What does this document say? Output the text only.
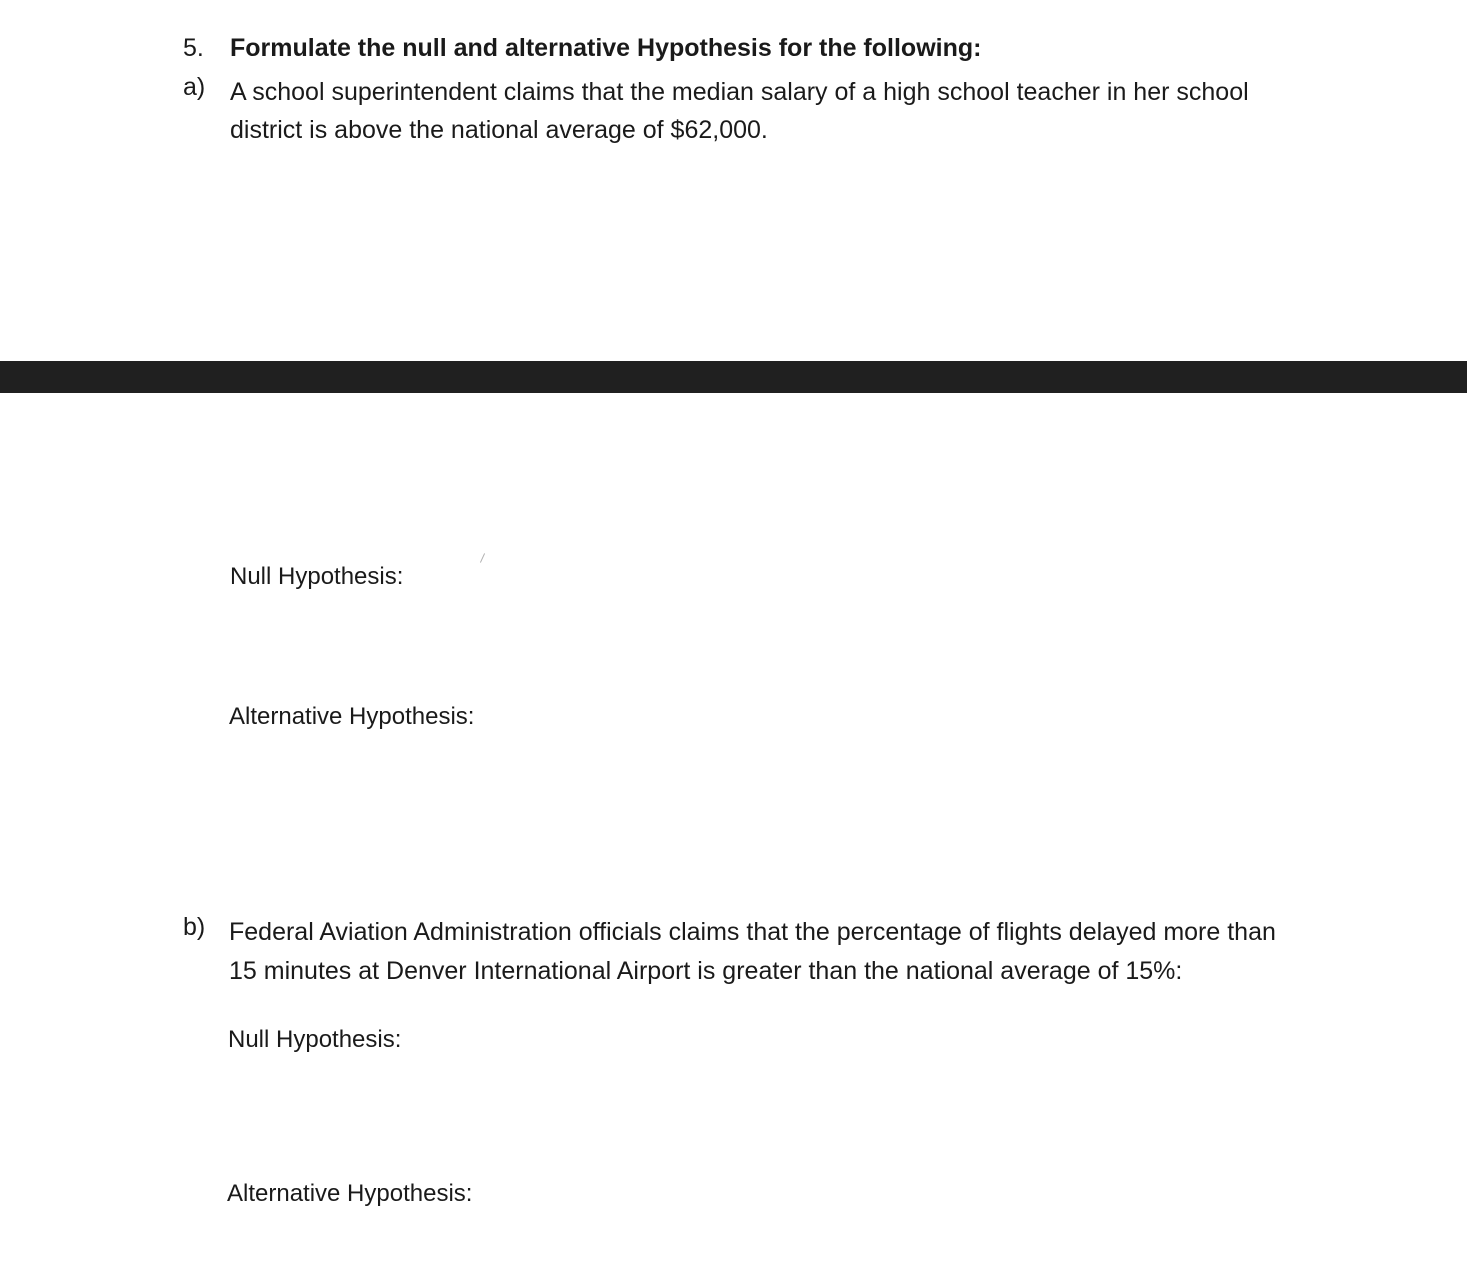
5. Formulate the null and alternative Hypothesis for the following:
a) A school superintendent claims that the median salary of a high school teacher in her school
district is above the national average of $62,000.
Null Hypothesis:
Alternative Hypothesis:
b) Federal Aviation Administration officials claims that the percentage of flights delayed more than
15 minutes at Denver International Airport is greater than the national average of 15%:
Null Hypothesis:
Alternative Hypothesis:
